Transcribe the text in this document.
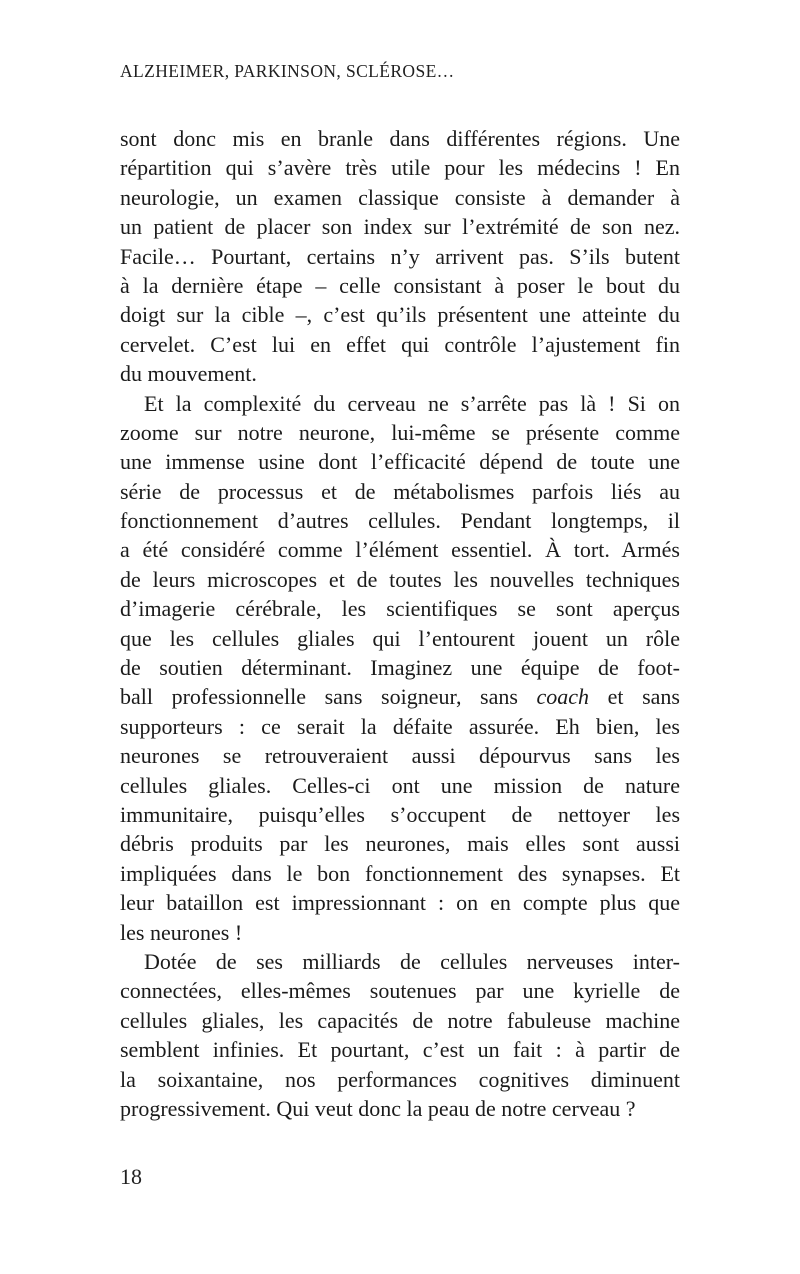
ALZHEIMER, PARKINSON, SCLÉROSE…
sont donc mis en branle dans différentes régions. Une
répartition qui s’avère très utile pour les médecins ! En
neurologie, un examen classique consiste à demander à
un patient de placer son index sur l’extrémité de son nez.
Facile… Pourtant, certains n’y arrivent pas. S’ils butent
à la dernière étape – celle consistant à poser le bout du
doigt sur la cible –, c’est qu’ils présentent une atteinte du
cervelet. C’est lui en effet qui contrôle l’ajustement fin
du mouvement.
Et la complexité du cerveau ne s’arrête pas là ! Si on
zoome sur notre neurone, lui-même se présente comme
une immense usine dont l’efficacité dépend de toute une
série de processus et de métabolismes parfois liés au
fonctionnement d’autres cellules. Pendant longtemps, il
a été considéré comme l’élément essentiel. À tort. Armés
de leurs microscopes et de toutes les nouvelles techniques
d’imagerie cérébrale, les scientifiques se sont aperçus
que les cellules gliales qui l’entourent jouent un rôle
de soutien déterminant. Imaginez une équipe de foot-
ball professionnelle sans soigneur, sans coach et sans
supporteurs : ce serait la défaite assurée. Eh bien, les
neurones se retrouveraient aussi dépourvus sans les
cellules gliales. Celles-ci ont une mission de nature
immunitaire, puisqu’elles s’occupent de nettoyer les
débris produits par les neurones, mais elles sont aussi
impliquées dans le bon fonctionnement des synapses. Et
leur bataillon est impressionnant : on en compte plus que
les neurones !
Dotée de ses milliards de cellules nerveuses inter-
connectées, elles-mêmes soutenues par une kyrielle de
cellules gliales, les capacités de notre fabuleuse machine
semblent infinies. Et pourtant, c’est un fait : à partir de
la soixantaine, nos performances cognitives diminuent
progressivement. Qui veut donc la peau de notre cerveau ?
18
